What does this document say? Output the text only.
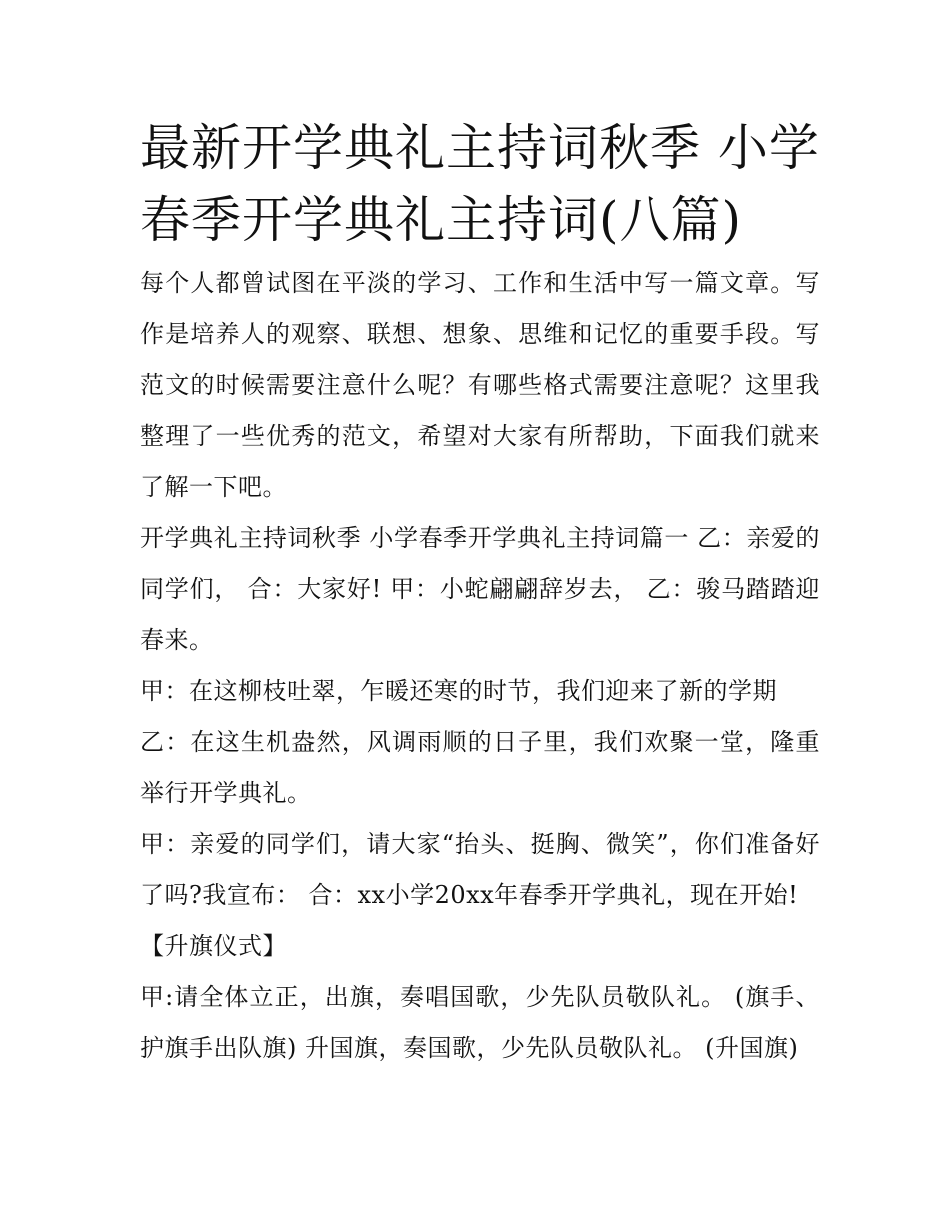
最新开学典礼主持词秋季 小学春季开学典礼主持词(八篇)

每个人都曾试图在平淡的学习、工作和生活中写一篇文章。写作是培养人的观察、联想、想象、思维和记忆的重要手段。写范文的时候需要注意什么呢？有哪些格式需要注意呢？这里我整理了一些优秀的范文，希望对大家有所帮助，下面我们就来了解一下吧。

开学典礼主持词秋季 小学春季开学典礼主持词篇一 乙：亲爱的同学们， 合：大家好! 甲：小蛇翩翩辞岁去， 乙：骏马踏踏迎春来。

甲：在这柳枝吐翠，乍暖还寒的时节，我们迎来了新的学期

乙：在这生机盎然，风调雨顺的日子里，我们欢聚一堂，隆重举行开学典礼。

甲：亲爱的同学们，请大家“抬头、挺胸、微笑”，你们准备好了吗?我宣布： 合：xx小学20xx年春季开学典礼，现在开始!

【升旗仪式】

甲:请全体立正，出旗，奏唱国歌，少先队员敬队礼。 (旗手、护旗手出队旗) 升国旗，奏国歌，少先队员敬队礼。 (升国旗)
